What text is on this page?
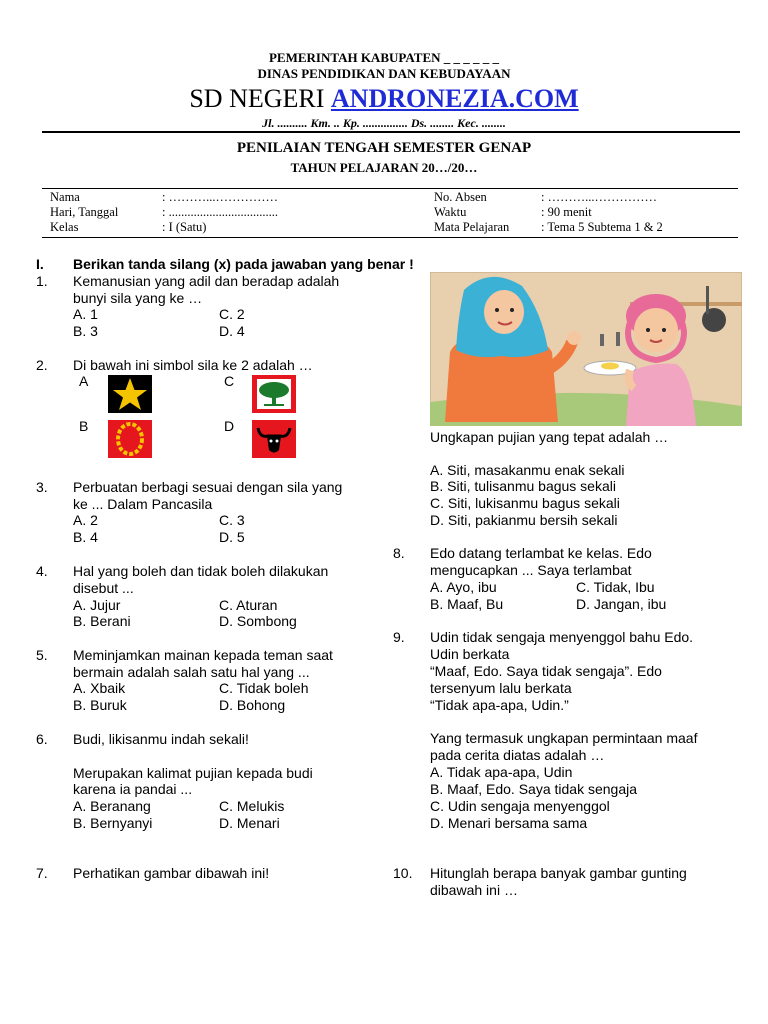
PEMERINTAH KABUPATEN _ _ _ _ _ _
DINAS PENDIDIKAN DAN KEBUDAYAAN
SD NEGERI ANDRONEZIA.COM
Jl. .......... Km. .. Kp. ............... Ds. ........ Kec. ........
PENILAIAN TENGAH SEMESTER GENAP
TAHUN PELAJARAN 20…/20…
Nama	: ………...……………	No. Absen	: ………...……………
Hari, Tanggal	: ...................................	Waktu	: 90 menit
Kelas	: I (Satu)	Mata Pelajaran	: Tema 5 Subtema 1 & 2
I. Berikan tanda silang (x) pada jawaban yang benar !
1. Kemanusian yang adil dan beradap adalah
bunyi sila yang ke …
A. 1	C. 2
B. 3	D. 4
2. Di bawah ini simbol sila ke 2 adalah …
A	C
B	D
3. Perbuatan berbagi sesuai dengan sila yang
ke ... Dalam Pancasila
A. 2	C. 3
B. 4	D. 5
4. Hal yang boleh dan tidak boleh dilakukan
disebut ...
A. Jujur	C. Aturan
B. Berani	D. Sombong
5. Meminjamkan mainan kepada teman saat
bermain adalah salah satu hal yang ...
A. Xbaik	C. Tidak boleh
B. Buruk	D. Bohong
6. Budi, likisanmu indah sekali!
Merupakan kalimat pujian kepada budi
karena ia pandai ...
A. Beranang	C. Melukis
B. Bernyanyi	D. Menari
7. Perhatikan gambar dibawah ini!
Ungkapan pujian yang tepat adalah …
A. Siti, masakanmu enak sekali
B. Siti, tulisanmu bagus sekali
C. Siti, lukisanmu bagus sekali
D. Siti, pakianmu bersih sekali
8. Edo datang terlambat ke kelas. Edo
mengucapkan ... Saya terlambat
A. Ayo, ibu	C. Tidak, Ibu
B. Maaf, Bu	D. Jangan, ibu
9. Udin tidak sengaja menyenggol bahu Edo.
Udin berkata
“Maaf, Edo. Saya tidak sengaja”. Edo
tersenyum lalu berkata
“Tidak apa-apa, Udin.”
Yang termasuk ungkapan permintaan maaf
pada cerita diatas adalah …
A. Tidak apa-apa, Udin
B. Maaf, Edo. Saya tidak sengaja
C. Udin sengaja menyenggol
D. Menari bersama sama
10. Hitunglah berapa banyak gambar gunting
dibawah ini …
